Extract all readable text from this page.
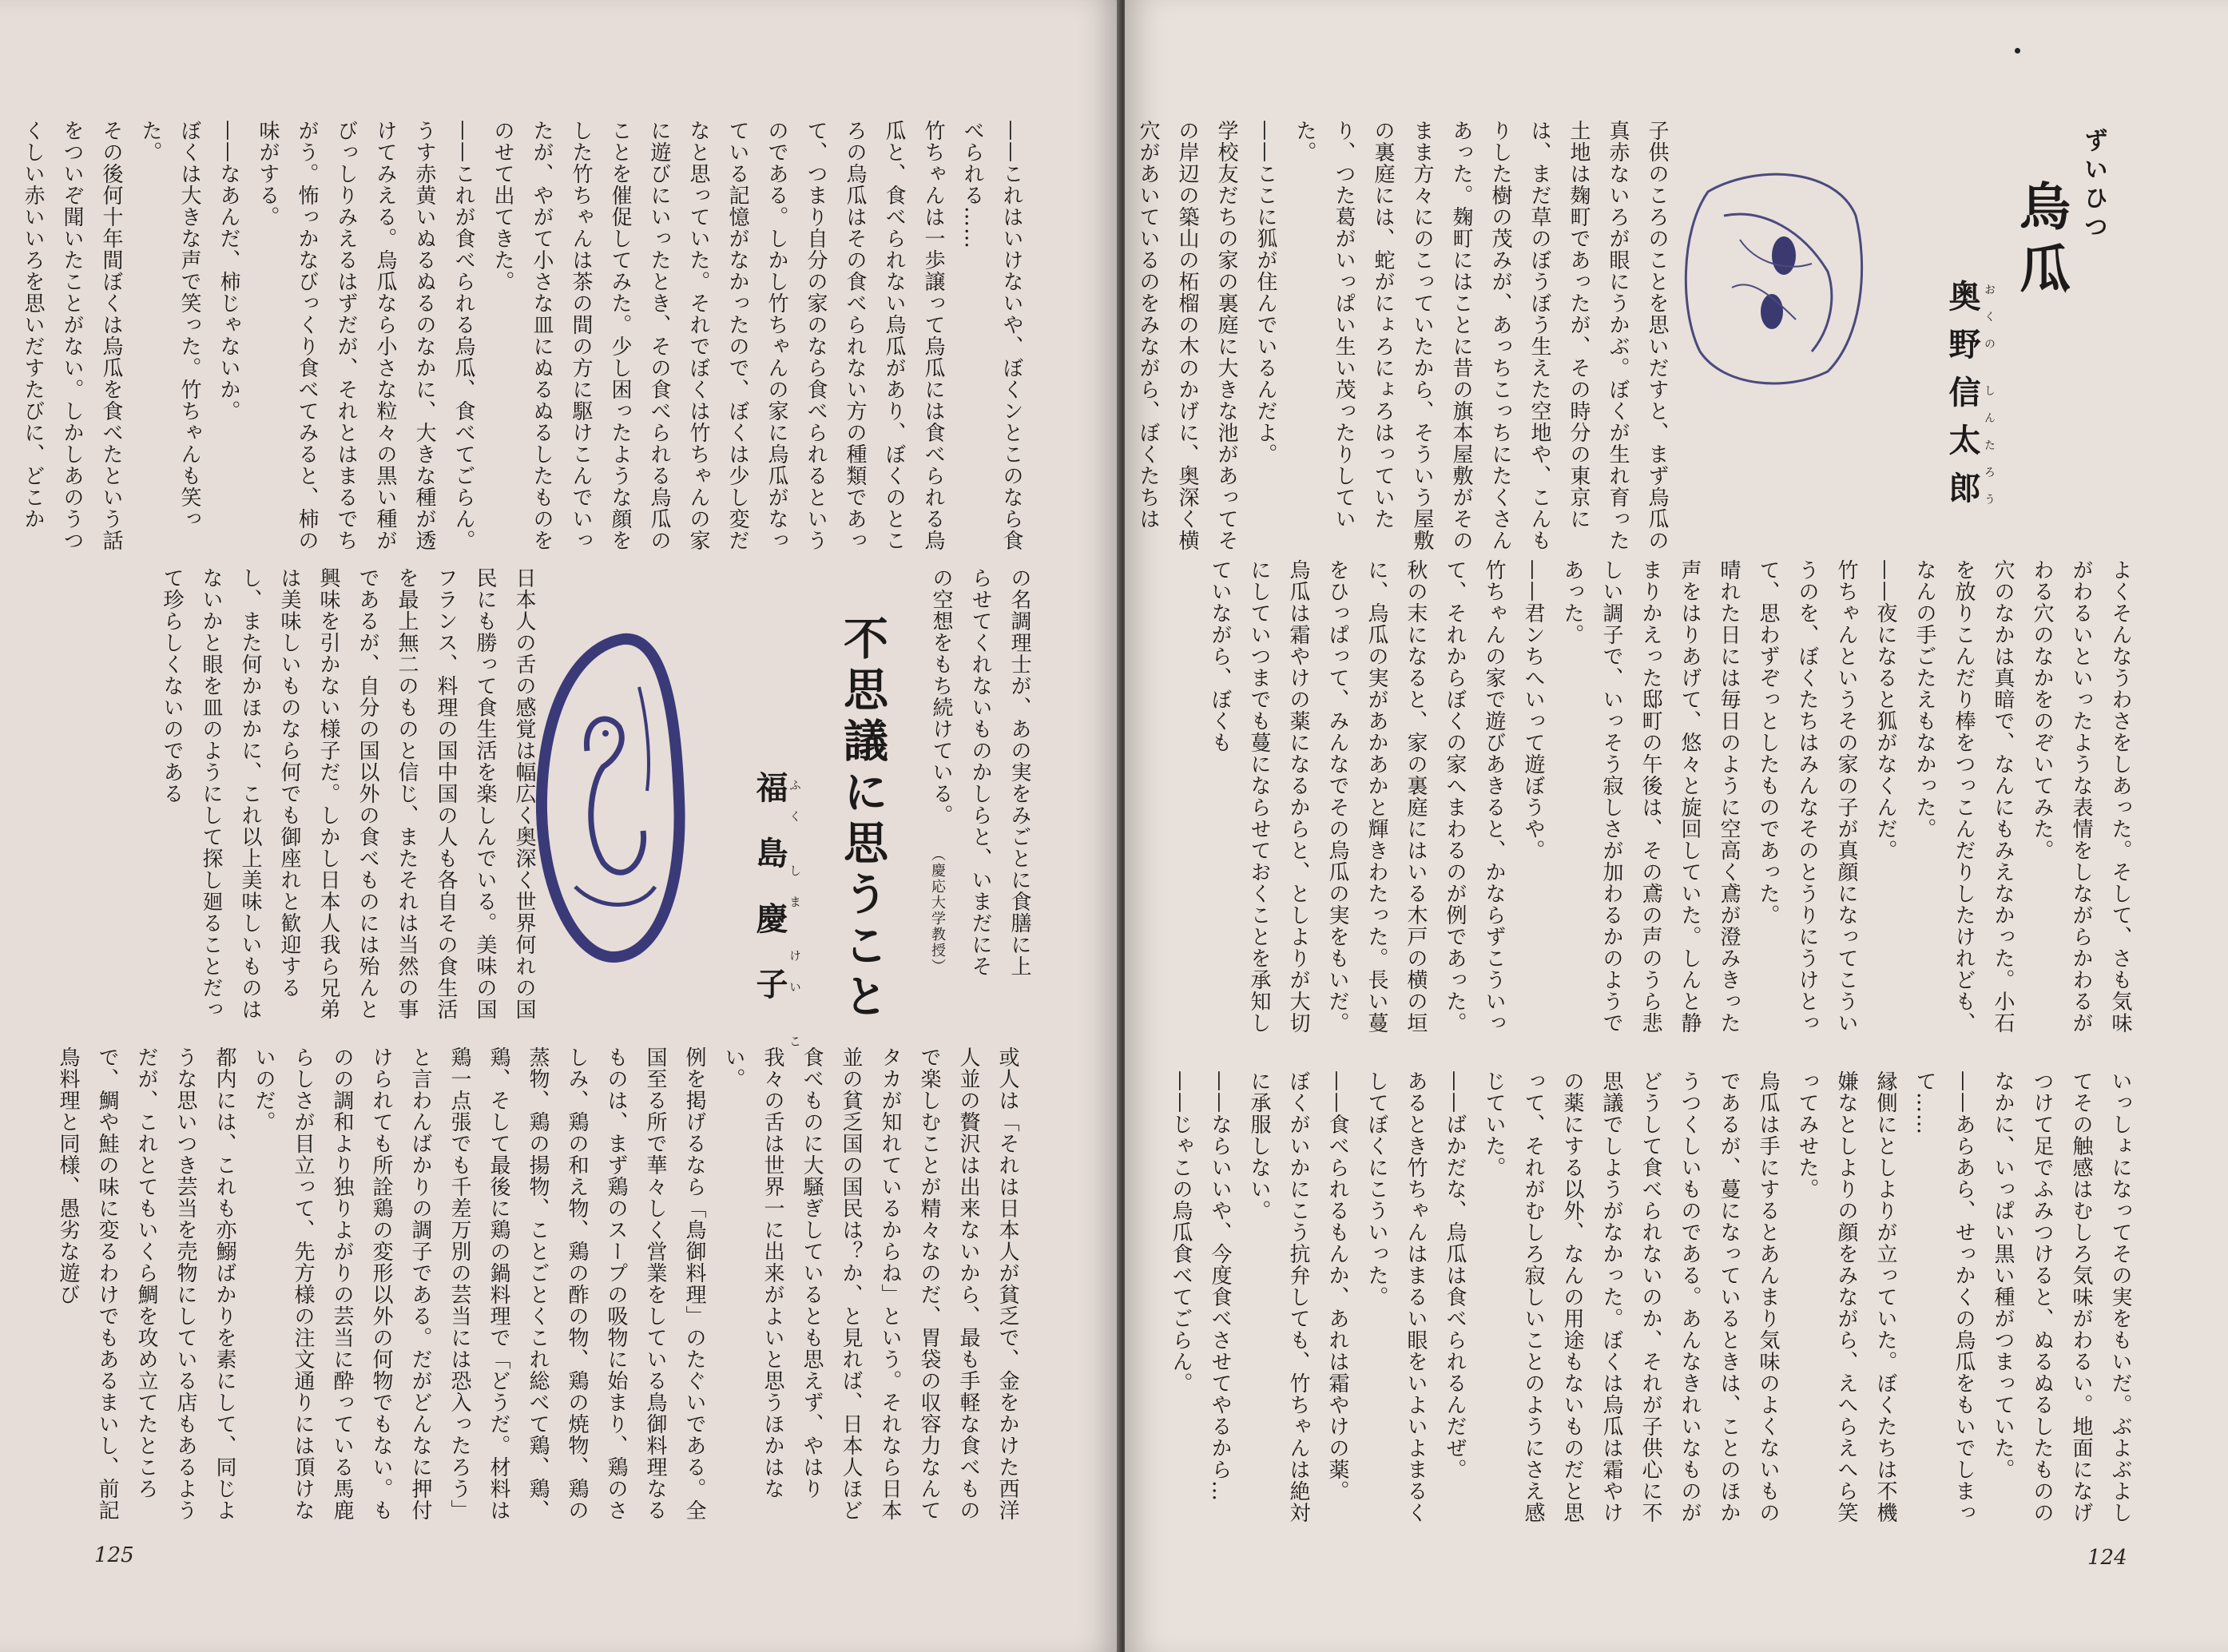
——これはいけないや、ぼくンとこのなら食べられる……
竹ちゃんは一歩譲って烏瓜には食べられる烏瓜と、食べられない烏瓜があり、ぼくのところの烏瓜はその食べられない方の種類であって、つまり自分の家のなら食べられるというのである。しかし竹ちゃんの家に烏瓜がなっている記憶がなかったので、ぼくは少し変だなと思っていた。それでぼくは竹ちゃんの家に遊びにいったとき、その食べられる烏瓜のことを催促してみた。少し困ったような顔をした竹ちゃんは茶の間の方に駆けこんでいったが、やがて小さな皿にぬるぬるしたものをのせて出てきた。
——これが食べられる烏瓜、食べてごらん。
うす赤黄いぬるぬるのなかに、大きな種が透けてみえる。烏瓜なら小さな粒々の黒い種がびっしりみえるはずだが、それとはまるでちがう。怖っかなびっくり食べてみると、柿の味がする。
——なあんだ、柿じゃないか。
ぼくは大きな声で笑った。竹ちゃんも笑った。
その後何十年間ぼくは烏瓜を食べたという話をついぞ聞いたことがない。しかしあのうつくしい赤いいろを思いだすたびに、どこか
或人は「それは日本人が貧乏で、金をかけた西洋人並の贅沢は出来ないから、最も手軽な食べもので楽しむことが精々なのだ、胃袋の収容力なんてタカが知れているからね」という。それなら日本並の貧乏国の国民は？か、と見れば、日本人ほど食べものに大騒ぎしているとも思えず、やはり我々の舌は世界一に出来がよいと思うほかはない。
例を掲げるなら「鳥御料理」のたぐいである。全国至る所で華々しく営業をしている鳥御料理なるものは、まず鶏のスープの吸物に始まり、鶏のさしみ、鶏の和え物、鶏の酢の物、鶏の焼物、鶏の蒸物、鶏の揚物、ことごとくこれ総べて鶏、鶏、鶏、そして最後に鶏の鍋料理で「どうだ。材料は鶏一点張でも千差万別の芸当には恐入ったろう」と言わんばかりの調子である。だがどんなに押付けられても所詮鶏の変形以外の何物でもない。ものの調和より独りよがりの芸当に酔っている馬鹿らしさが目立って、先方様の注文通りには頂けないのだ。
都内には、これも亦鰯ばかりを素にして、同じような思いつき芸当を売物にしている店もあるようだが、これとてもいくら鯛を攻め立てたところで、鯛や鮭の味に変るわけでもあるまいし、前記鳥料理と同様、愚劣な遊び
の名調理士が、あの実をみごとに食膳に上らせてくれないものかしらと、いまだにその空想をもち続けている。
（慶応大学教授）
不思議に思うこと
福島慶子 ふく しま けい こ
日本人の舌の感覚は幅広く奥深く世界何れの国民にも勝って食生活を楽しんでいる。美味の国フランス、料理の国中国の人も各自その食生活を最上無二のものと信じ、またそれは当然の事であるが、自分の国以外の食べものには殆んと興味を引かない様子だ。しかし日本人我ら兄弟は美味しいものなら何でも御座れと歓迎するし、また何かほかに、これ以上美味しいものはないかと眼を皿のようにして探し廻ることだって珍らしくないのである
125
ずいひつ
烏瓜
奥野信太郎 おくの しんたろう
子供のころのことを思いだすと、まず烏瓜の真赤ないろが眼にうかぶ。ぼくが生れ育った土地は麹町であったが、その時分の東京には、まだ草のぼうぼう生えた空地や、こんもりした樹の茂みが、あっちこっちにたくさんあった。麹町にはことに昔の旗本屋敷がそのまま方々にのこっていたから、そういう屋敷の裏庭には、蛇がにょろにょろはっていたり、つた葛がいっぱい生い茂ったりしていた。
——ここに狐が住んでいるんだよ。
学校友だちの家の裏庭に大きな池があってその岸辺の築山の柘榴の木のかげに、奥深く横穴があいているのをみながら、ぼくたちは
よくそんなうわさをしあった。そして、さも気味がわるいといったような表情をしながらかわるがわる穴のなかをのぞいてみた。
穴のなかは真暗で、なんにもみえなかった。小石を放りこんだり棒をつっこんだりしたけれども、なんの手ごたえもなかった。
——夜になると狐がなくんだ。
竹ちゃんというその家の子が真顔になってこういうのを、ぼくたちはみんなそのとうりにうけとって、思わずぞっとしたものであった。
晴れた日には毎日のように空高く鳶が澄みきった声をはりあげて、悠々と旋回していた。しんと静まりかえった邸町の午後は、その鳶の声のうら悲しい調子で、いっそう寂しさが加わるかのようであった。
——君ンちへいって遊ぼうや。
竹ちゃんの家で遊びあきると、かならずこういって、それからぼくの家へまわるのが例であった。
秋の末になると、家の裏庭にはいる木戸の横の垣に、烏瓜の実があかあかと輝きわたった。長い蔓をひっぱって、みんなでその烏瓜の実をもいだ。烏瓜は霜やけの薬になるからと、としよりが大切にしていつまでも蔓にならせておくことを承知していながら、ぼくも
いっしょになってその実をもいだ。ぶよぶよしてその触感はむしろ気味がわるい。地面になげつけて足でふみつけると、ぬるぬるしたもののなかに、いっぱい黒い種がつまっていた。
——あらあら、せっかくの烏瓜をもいでしまって……
縁側にとしよりが立っていた。ぼくたちは不機嫌なとしよりの顔をみながら、えへらえへら笑ってみせた。
烏瓜は手にするとあんまり気味のよくないものであるが、蔓になっているときは、ことのほかうつくしいものである。あんなきれいなものがどうして食べられないのか、それが子供心に不思議でしようがなかった。ぼくは烏瓜は霜やけの薬にする以外、なんの用途もないものだと思って、それがむしろ寂しいことのようにさえ感じていた。
——ばかだな、烏瓜は食べられるんだぜ。
あるとき竹ちゃんはまるい眼をいよいよまるくしてぼくにこういった。
——食べられるもんか、あれは霜やけの薬。
ぼくがいかにこう抗弁しても、竹ちゃんは絶対に承服しない。
——ならいいや、今度食べさせてやるから…
——じゃこの烏瓜食べてごらん。
124
